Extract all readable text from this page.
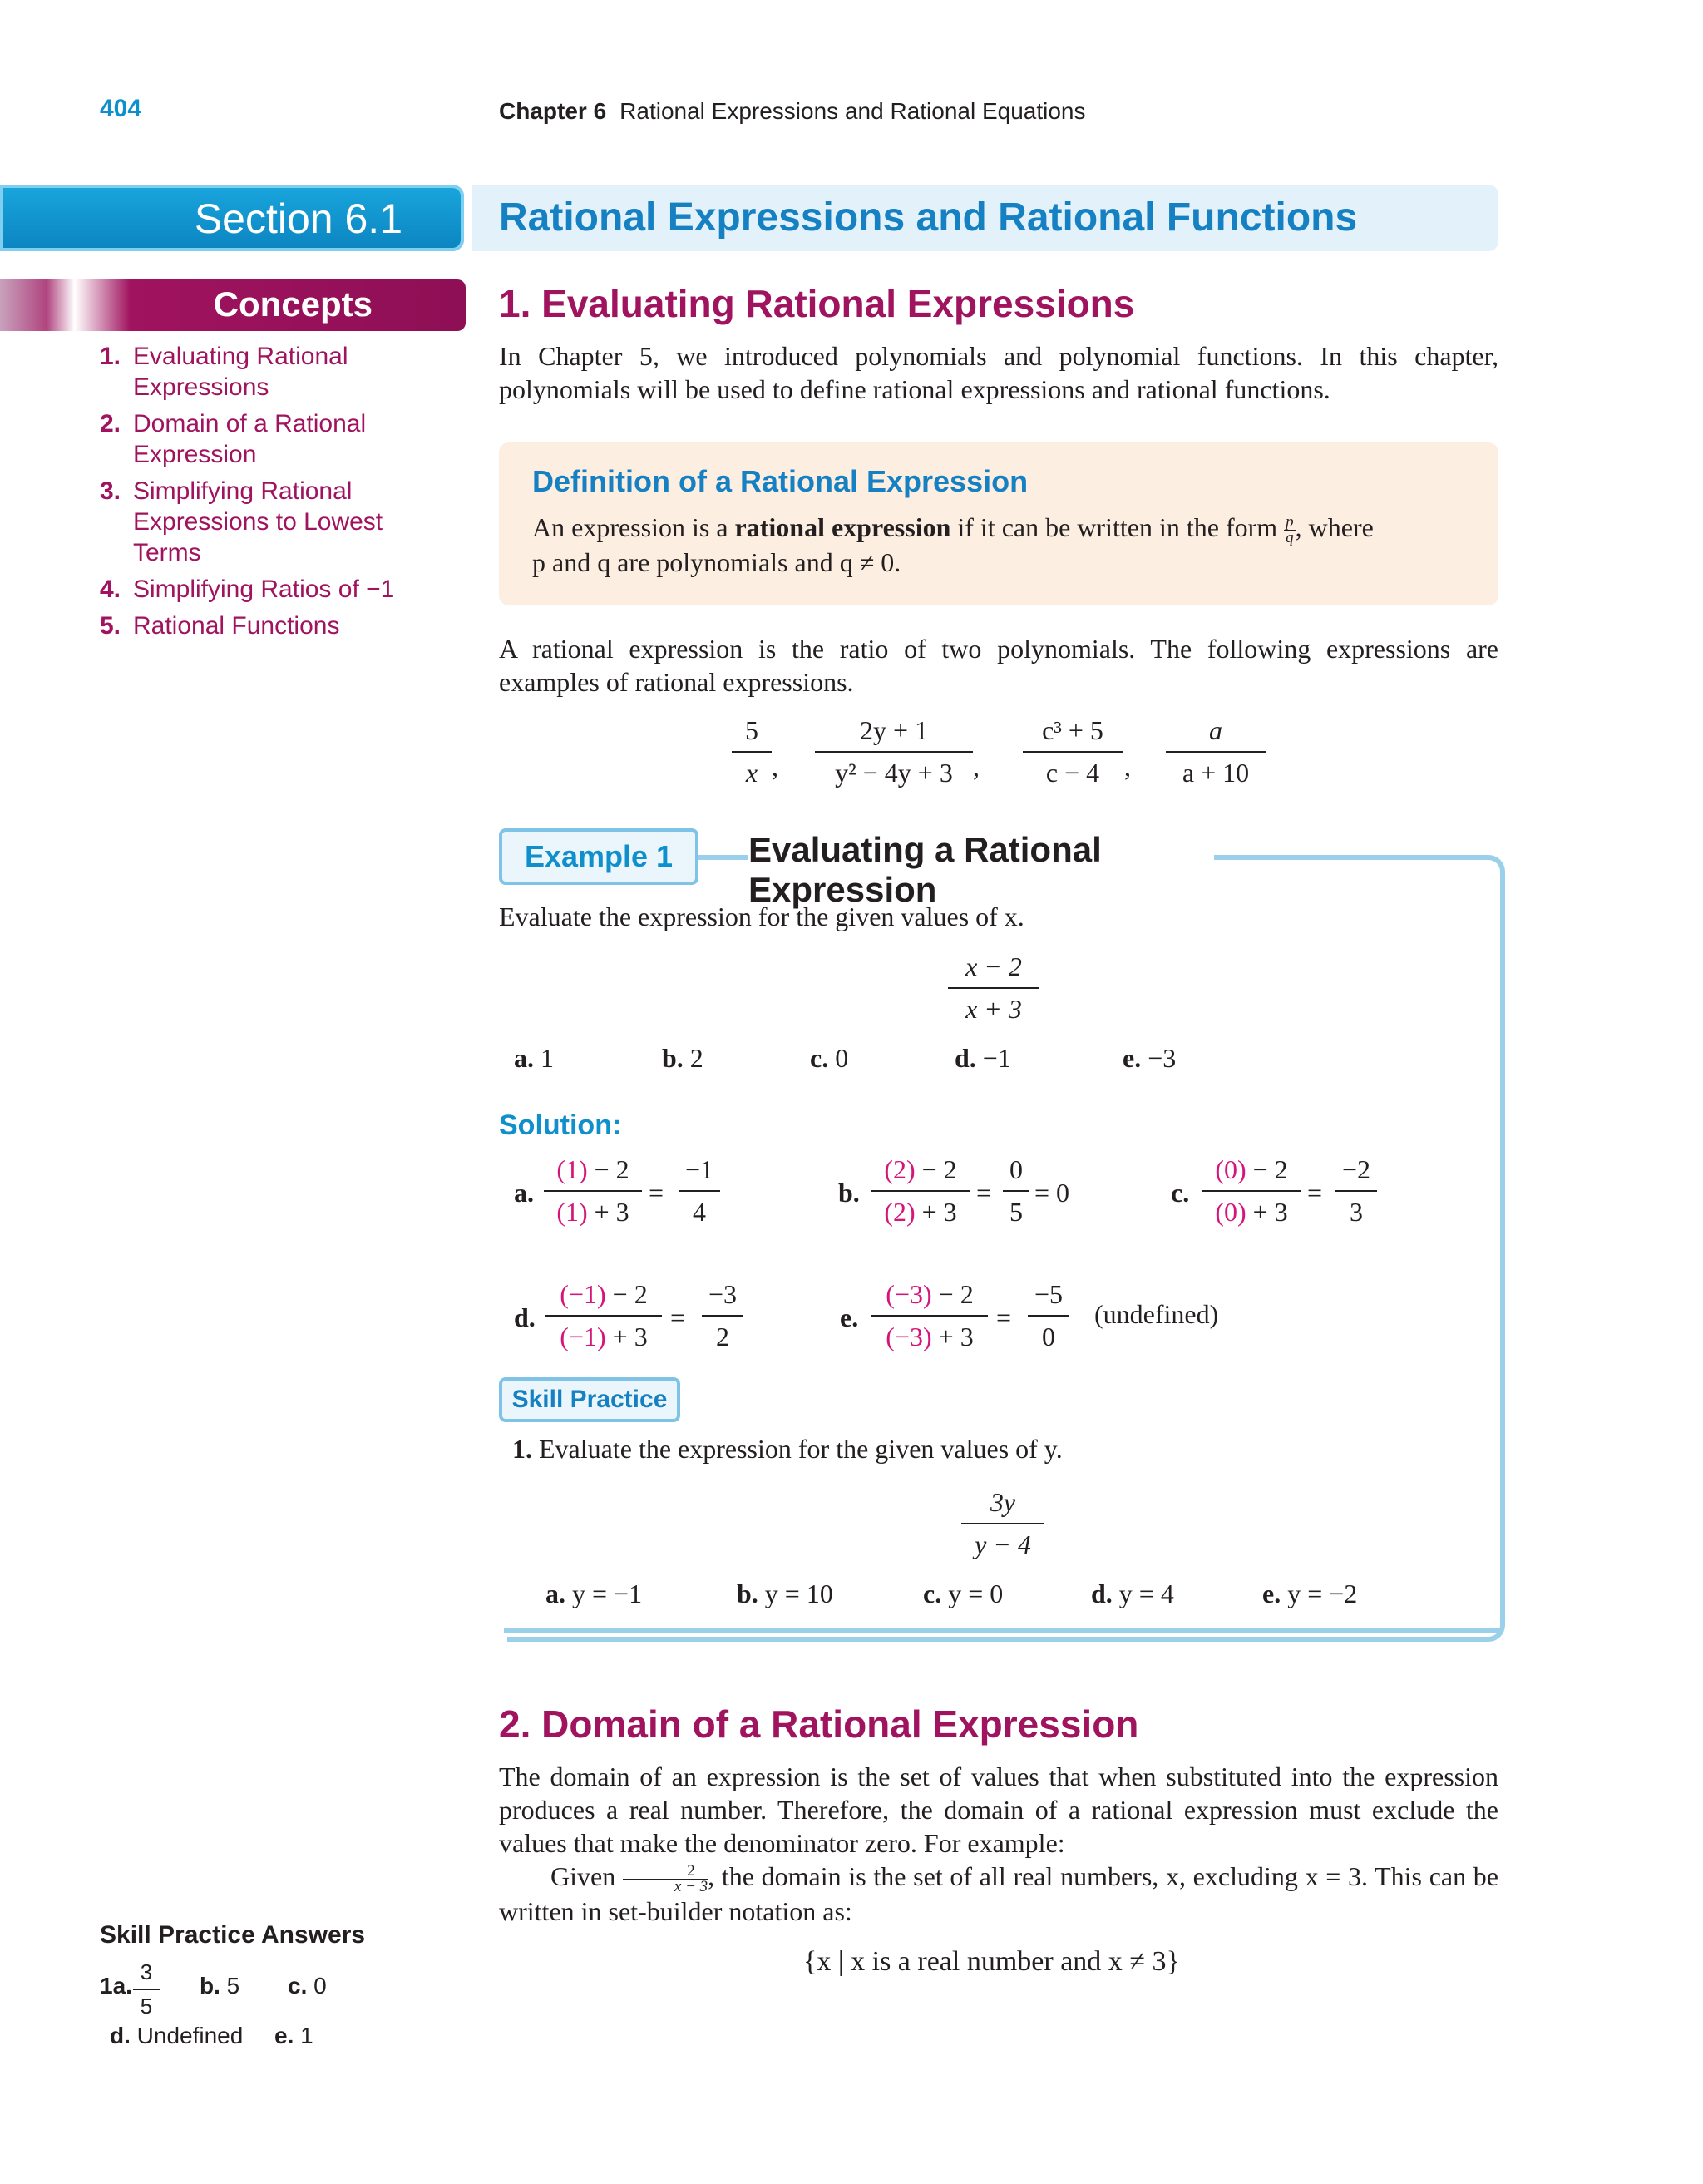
404	Chapter 6 Rational Expressions and Rational Equations
Section 6.1 Rational Expressions and Rational Functions
Concepts
1. Evaluating Rational Expressions
2. Domain of a Rational Expression
3. Simplifying Rational Expressions to Lowest Terms
4. Simplifying Ratios of −1
5. Rational Functions
1. Evaluating Rational Expressions
In Chapter 5, we introduced polynomials and polynomial functions. In this chapter, polynomials will be used to define rational expressions and rational functions.
Definition of a Rational Expression
An expression is a rational expression if it can be written in the form $\frac{p}{q}$ , where
p and q are polynomials and q ≠ 0.
A rational expression is the ratio of two polynomials. The following expressions are examples of rational expressions.
$\frac{5}{x}$ , $\frac{2y + 1}{\text{y² − 4y + 3}}$ , $\frac{\text{c³ + 5}}{c - 4}$ , $\frac{a}{a + 10}$
Example 1	Evaluating a Rational Expression
Evaluate the expression for the given values of x.
$\frac{x - 2}{x + 3}$
a. 1	b. 2	c. 0	d. −1	e. −3
Solution:
a. $\frac{(1) - 2}{(1) + 3} = \frac{-1}{4}$	b. $\frac{(2) - 2}{(2) + 3} = \frac{0}{5} = 0$	c. $\frac{(0) - 2}{(0) + 3} = \frac{-2}{3}$
d. $\frac{(-1) - 2}{(-1) + 3} = \frac{-3}{2}$	e. $\frac{(-3) - 2}{(-3) + 3} = \frac{-5}{0}$ (undefined)
Skill Practice
1. Evaluate the expression for the given values of y.
$\frac{3y}{y - 4}$
a. y = −1	b. y = 10	c. y = 0	d. y = 4	e. y = −2
2. Domain of a Rational Expression
The domain of an expression is the set of values that when substituted into the expression produces a real number. Therefore, the domain of a rational expression must exclude the values that make the denominator zero. For example:
Given $\frac{2}{x - 3}$ , the domain is the set of all real numbers, x, excluding x = 3. This can be written in set-builder notation as:
{x | x is a real number and x ≠ 3}
Skill Practice Answers
1a. $\frac{3}{5} b$. 5 c. 0
d. Undefined e. 1
